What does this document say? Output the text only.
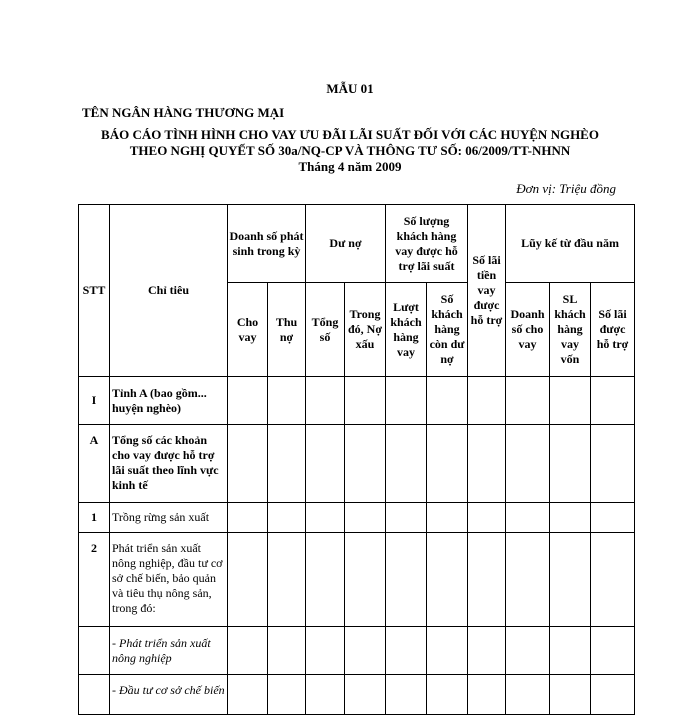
MẪU 01
TÊN NGÂN HÀNG THƯƠNG MẠI
BÁO CÁO TÌNH HÌNH CHO VAY ƯU ĐÃI LÃI SUẤT ĐỐI VỚI CÁC HUYỆN NGHÈO
THEO NGHỊ QUYẾT SỐ 30a/NQ-CP VÀ THÔNG TƯ SỐ: 06/2009/TT-NHNN
Tháng 4 năm 2009
Đơn vị: Triệu đồng
STT	Chỉ tiêu	Doanh số phát sinh trong kỳ		Dư nợ		Số lượng khách hàng vay được hỗ trợ lãi suất		Số lãi tiền vay được hỗ trợ	Lũy kế từ đầu năm		
		Cho vay	Thu nợ	Tổng số	Trong đó, Nợ xấu	Lượt khách hàng vay	Số khách hàng còn dư nợ		Doanh số cho vay	SL khách hàng vay vốn	Số lãi được hỗ trợ
I	Tỉnh A (bao gồm... huyện nghèo)										
A	Tổng số các khoản cho vay được hỗ trợ lãi suất theo lĩnh vực kinh tế										
1	Trồng rừng sản xuất										
2	Phát triển sản xuất nông nghiệp, đầu tư cơ sở chế biến, bảo quản và tiêu thụ nông sản, trong đó:										
	- Phát triển sản xuất nông nghiệp										
	- Đầu tư cơ sở chế biến										
